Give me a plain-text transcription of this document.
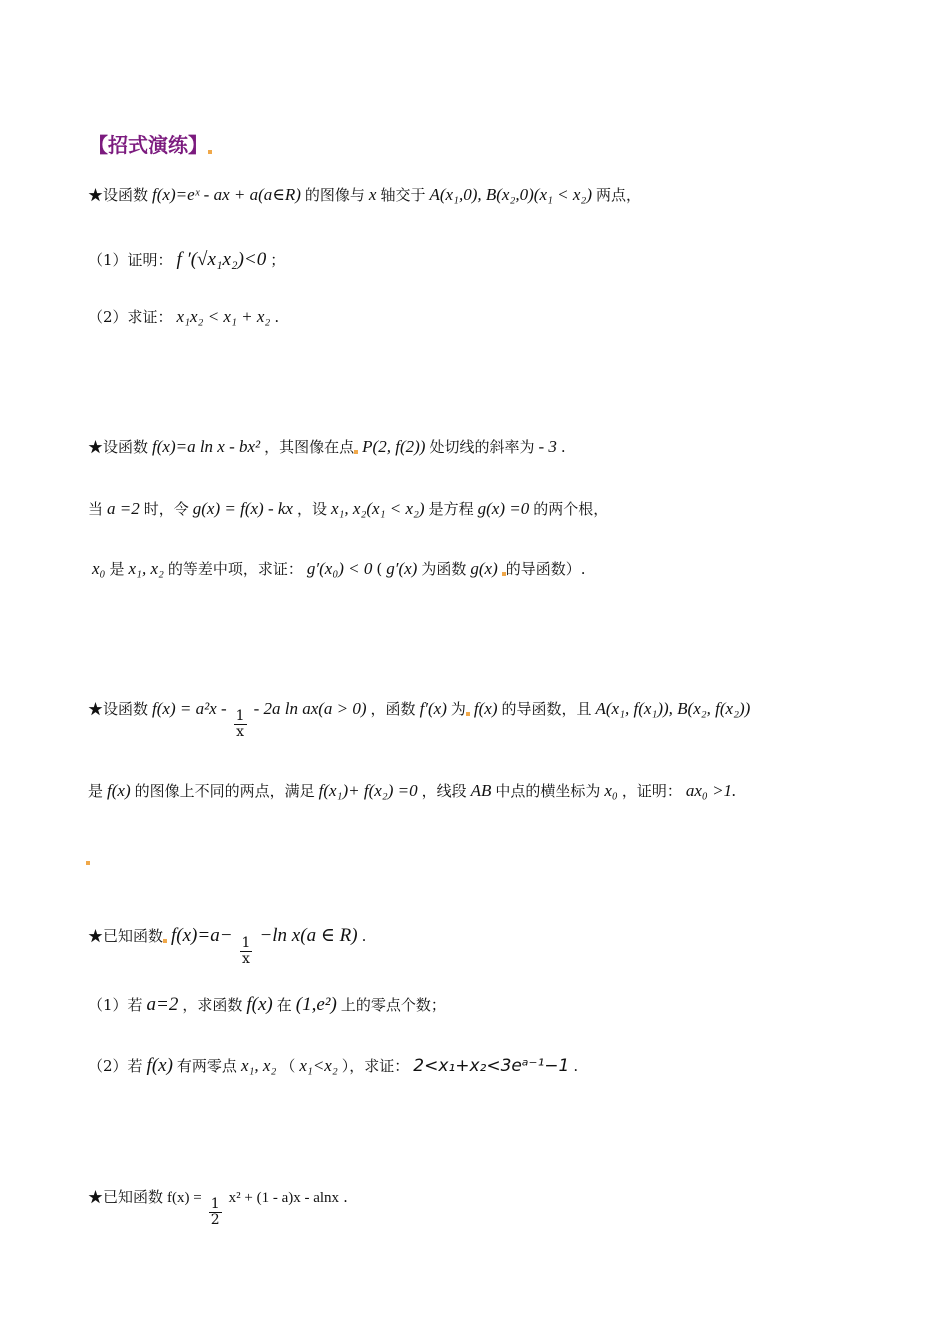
【招式演练】
★设函数 f(x)=eˣ - ax + a(a∈R) 的图像与 x 轴交于 A(x₁,0), B(x₂,0)(x₁ < x₂) 两点，
（1）证明： f ′(√x₁x₂)<0 ；
（2）求证： x₁x₂ < x₁ + x₂ .
★设函数 f(x)=a ln x - bx² ，其图像在点 P(2, f(2)) 处切线的斜率为 - 3 .
当 a =2 时，令 g(x) = f(x) - kx ，设 x₁, x₂(x₁ < x₂) 是方程 g(x) =0 的两个根，
x₀ 是 x₁, x₂ 的等差中项，求证： g′(x₀) < 0 ( g′(x) 为函数 g(x) 的导函数）.
★设函数 f(x) = a²x -
$\frac{1}{x}$
- 2a ln ax(a > 0) ，函数 f′(x) 为 f(x) 的导函数，且 A(x₁, f(x₁)), B(x₂, f(x₂))
是 f(x) 的图像上不同的两点，满足 f(x₁)+ f(x₂) =0 ，线段 AB 中点的横坐标为 x₀ ，证明： ax₀ >1.
★已知函数 f(x)=a−
$\frac{1}{x}$
−ln x(a ∈ R) .
（1）若 a=2 ，求函数 f(x) 在 (1,e²) 上的零点个数；
（2）若 f(x) 有两零点 x₁, x₂ （ x₁<x₂ ），求证： 2<x₁+x₂<3eᵃ⁻¹−1 .
★已知函数 $f(x) = \frac{1}{2} x^2 + (1 - a)x - alnx$ .
